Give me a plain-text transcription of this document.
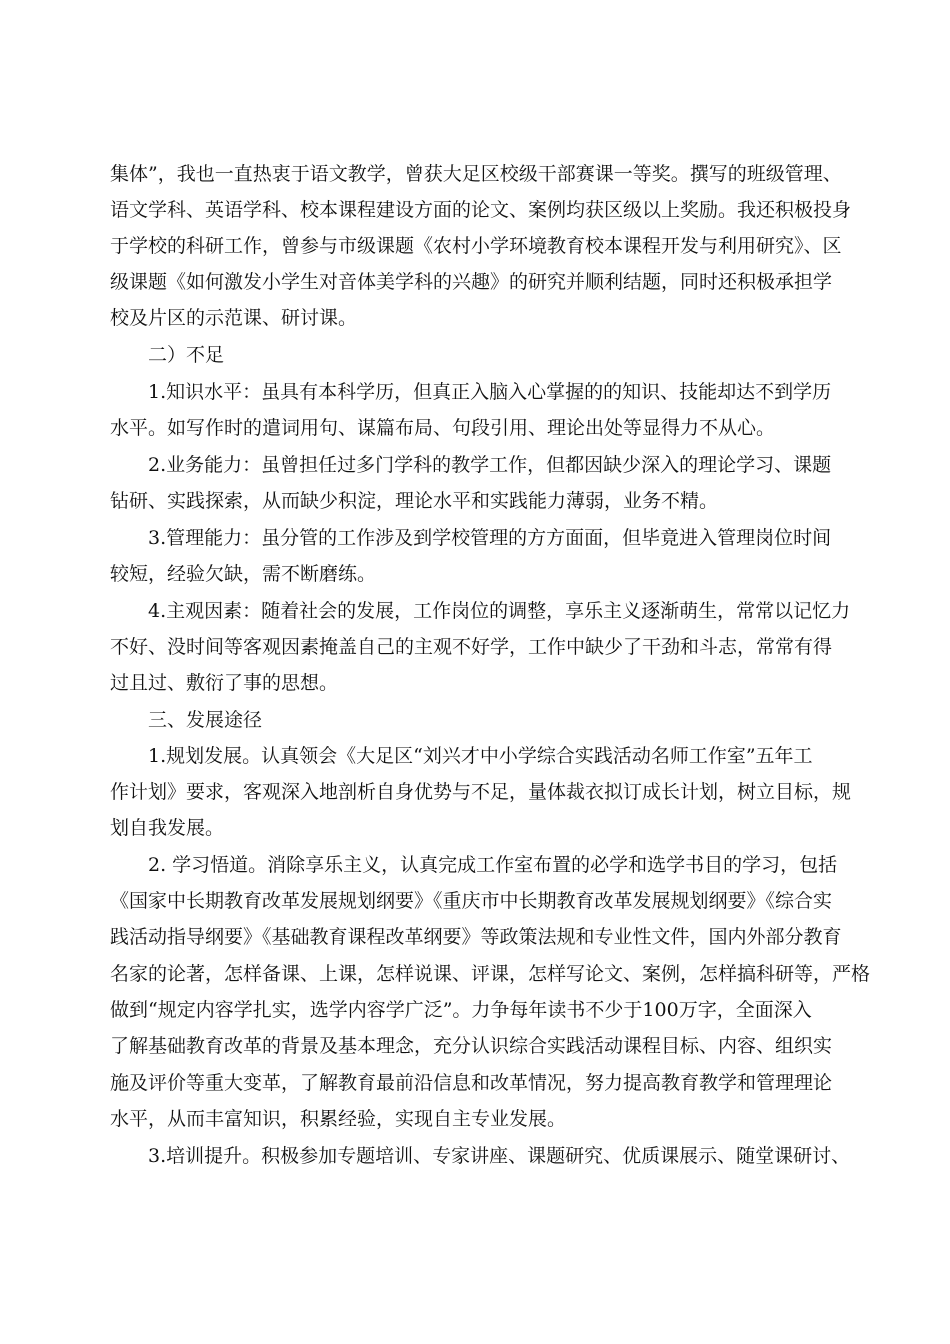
集体”，我也一直热衷于语文教学，曾获大足区校级干部赛课一等奖。撰写的班级管理、
语文学科、英语学科、校本课程建设方面的论文、案例均获区级以上奖励。我还积极投身
于学校的科研工作，曾参与市级课题《农村小学环境教育校本课程开发与利用研究》、区
级课题《如何激发小学生对音体美学科的兴趣》的研究并顺利结题，同时还积极承担学
校及片区的示范课、研讨课。
二）不足
1.知识水平：虽具有本科学历，但真正入脑入心掌握的的知识、技能却达不到学历
水平。如写作时的遣词用句、谋篇布局、句段引用、理论出处等显得力不从心。
2.业务能力：虽曾担任过多门学科的教学工作，但都因缺少深入的理论学习、课题
钻研、实践探索，从而缺少积淀，理论水平和实践能力薄弱，业务不精。
3.管理能力：虽分管的工作涉及到学校管理的方方面面，但毕竟进入管理岗位时间
较短，经验欠缺，需不断磨练。
4.主观因素：随着社会的发展，工作岗位的调整，享乐主义逐渐萌生，常常以记忆力
不好、没时间等客观因素掩盖自己的主观不好学，工作中缺少了干劲和斗志，常常有得
过且过、敷衍了事的思想。
三、发展途径
1.规划发展。认真领会《大足区“刘兴才中小学综合实践活动名师工作室”五年工
作计划》要求，客观深入地剖析自身优势与不足，量体裁衣拟订成长计划，树立目标，规
划自我发展。
2. 学习悟道。消除享乐主义，认真完成工作室布置的必学和选学书目的学习，包括
《国家中长期教育改革发展规划纲要》《重庆市中长期教育改革发展规划纲要》《综合实
践活动指导纲要》《基础教育课程改革纲要》等政策法规和专业性文件，国内外部分教育
名家的论著，怎样备课、上课，怎样说课、评课，怎样写论文、案例，怎样搞科研等，严格
做到“规定内容学扎实，选学内容学广泛”。力争每年读书不少于100万字，全面深入
了解基础教育改革的背景及基本理念，充分认识综合实践活动课程目标、内容、组织实
施及评价等重大变革，了解教育最前沿信息和改革情况，努力提高教育教学和管理理论
水平，从而丰富知识，积累经验，实现自主专业发展。
3.培训提升。积极参加专题培训、专家讲座、课题研究、优质课展示、随堂课研讨、
